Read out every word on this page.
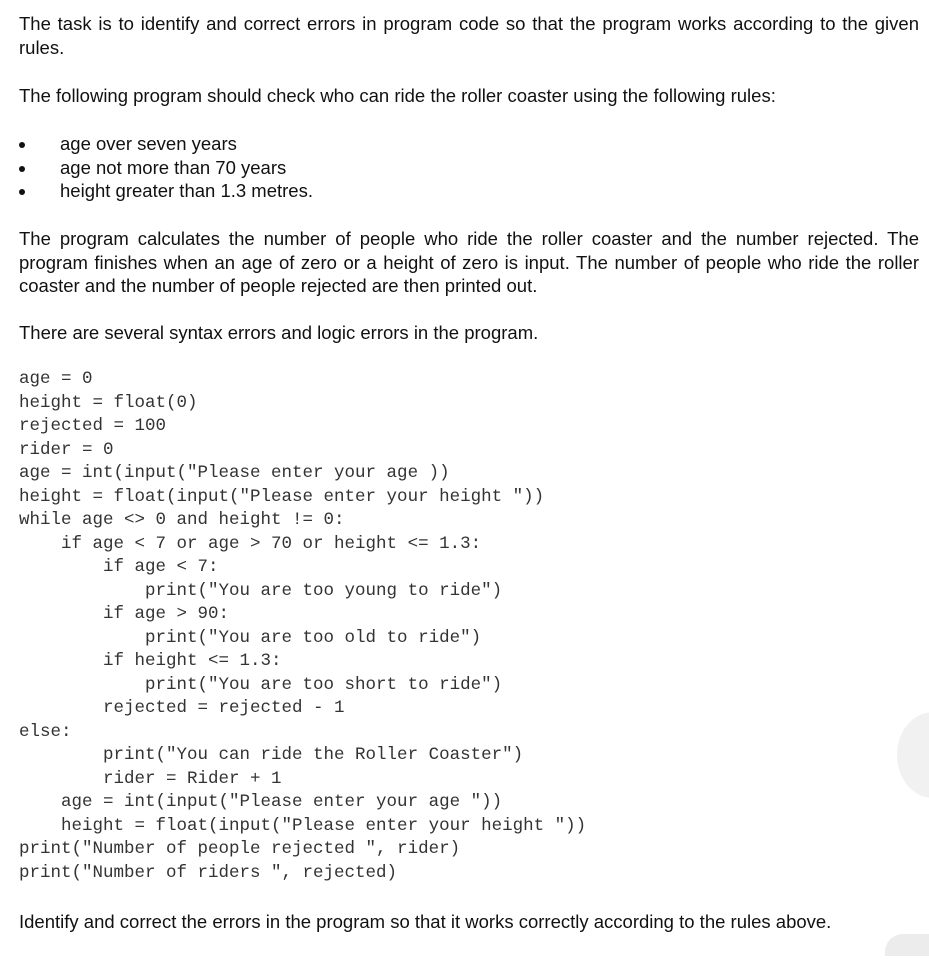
The task is to identify and correct errors in program code so that the program works according to the given rules.

The following program should check who can ride the roller coaster using the following rules:

age over seven years
age not more than 70 years
height greater than 1.3 metres.

The program calculates the number of people who ride the roller coaster and the number rejected. The program finishes when an age of zero or a height of zero is input. The number of people who ride the roller coaster and the number of people rejected are then printed out.

There are several syntax errors and logic errors in the program.

age = 0
height = float(0)
rejected = 100
rider = 0
age = int(input("Please enter your age ))
height = float(input("Please enter your height "))
while age <> 0 and height != 0:
if age < 7 or age > 70 or height <= 1.3:
if age < 7:
print("You are too young to ride")
if age > 90:
print("You are too old to ride")
if height <= 1.3:
print("You are too short to ride")
rejected = rejected - 1
else:
print("You can ride the Roller Coaster")
rider = Rider + 1
age = int(input("Please enter your age "))
height = float(input("Please enter your height "))
print("Number of people rejected ", rider)
print("Number of riders ", rejected)

Identify and correct the errors in the program so that it works correctly according to the rules above.
